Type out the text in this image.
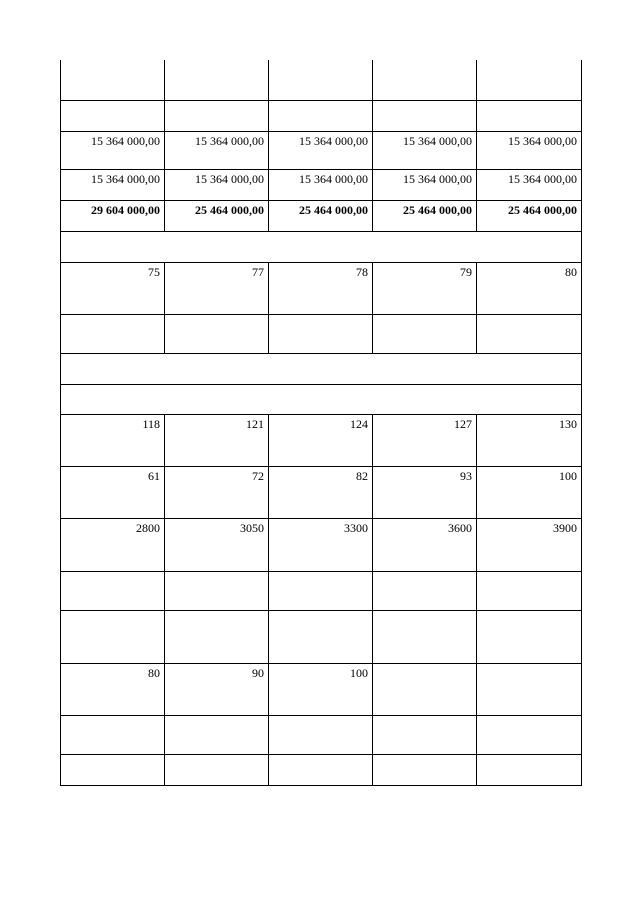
15 364 000,00	15 364 000,00	15 364 000,00	15 364 000,00	15 364 000,00
15 364 000,00	15 364 000,00	15 364 000,00	15 364 000,00	15 364 000,00
29 604 000,00	25 464 000,00	25 464 000,00	25 464 000,00	25 464 000,00

75	77	78	79	80

118	121	124	127	130
61	72	82	93	100
2800	3050	3300	3600	3900

80	90	100		
